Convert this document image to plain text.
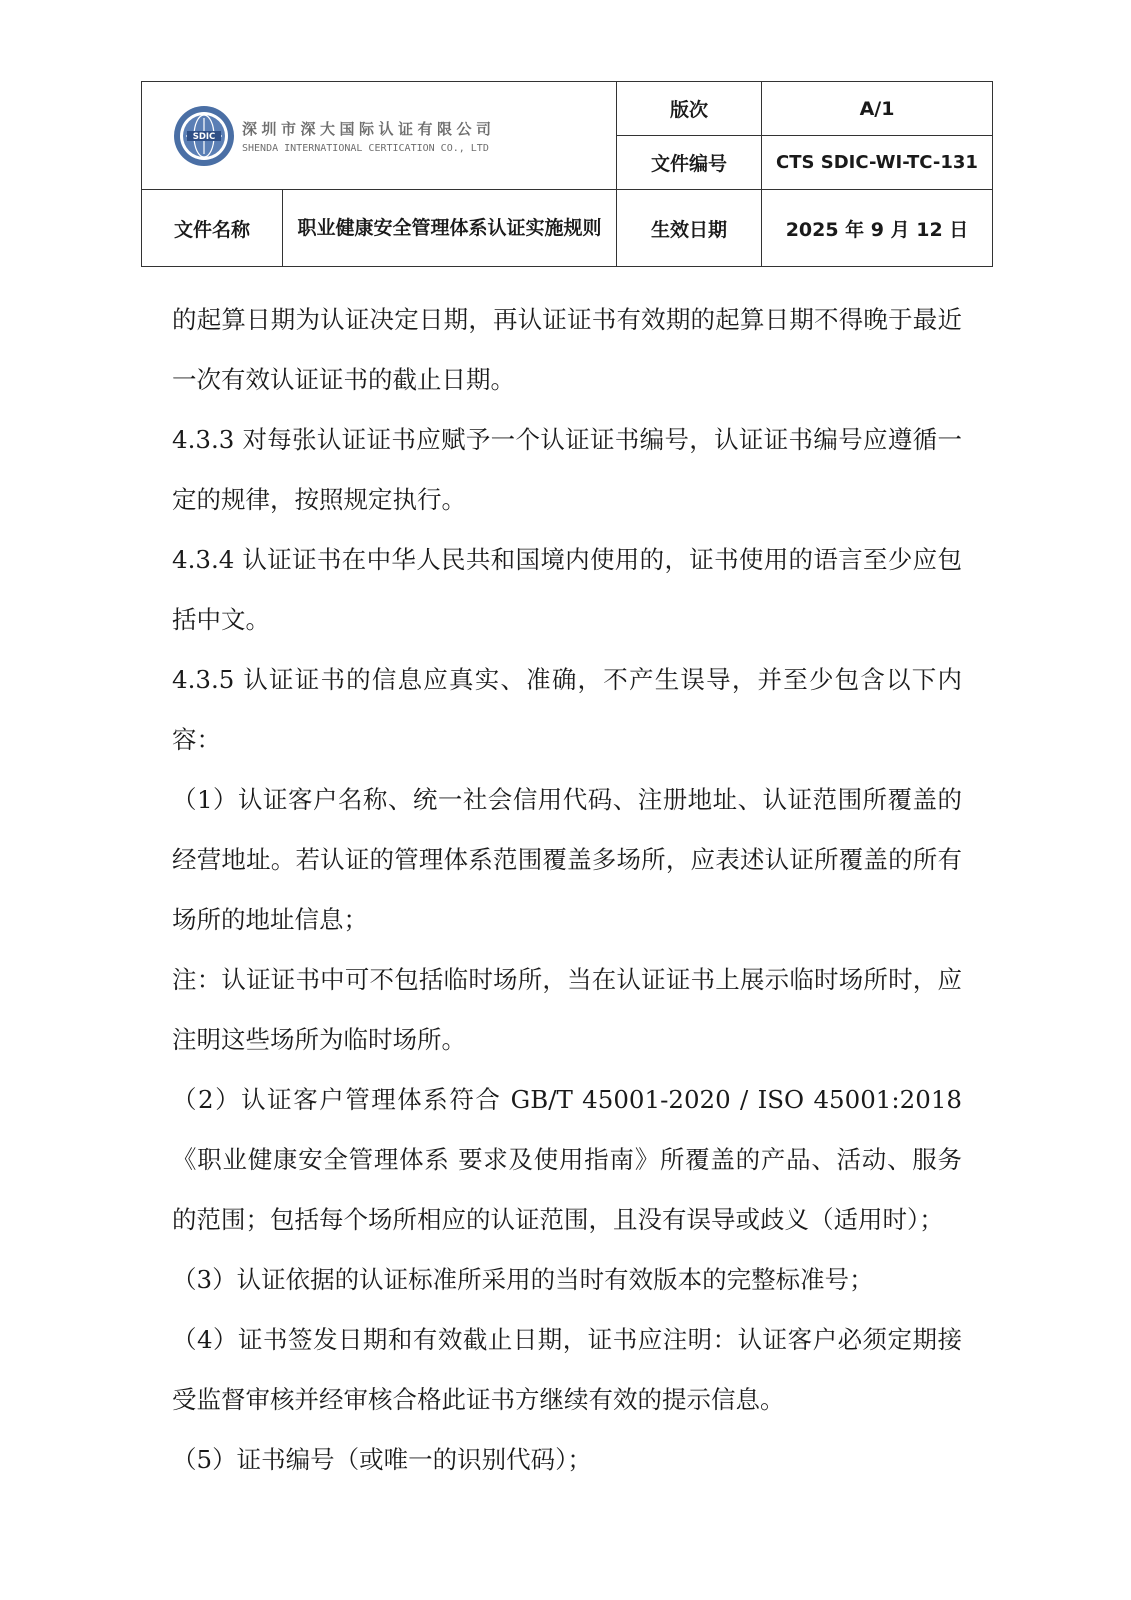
SDIC 深圳市深大国际认证有限公司
SHENDA INTERNATIONAL CERTICATION CO., LTD		版次	A/1
		文件编号	CTS SDIC-WI-TC-131
文件名称	职业健康安全管理体系认证实施规则	生效日期	2025 年 9 月 12 日

的起算日期为认证决定日期，再认证证书有效期的起算日期不得晚于最近一次有效认证证书的截止日期。

4.3.3 对每张认证证书应赋予一个认证证书编号，认证证书编号应遵循一定的规律，按照规定执行。

4.3.4 认证证书在中华人民共和国境内使用的，证书使用的语言至少应包括中文。

4.3.5 认证证书的信息应真实、准确，不产生误导，并至少包含以下内容：

（1）认证客户名称、统一社会信用代码、注册地址、认证范围所覆盖的经营地址。若认证的管理体系范围覆盖多场所，应表述认证所覆盖的所有场所的地址信息；

注：认证证书中可不包括临时场所，当在认证证书上展示临时场所时，应注明这些场所为临时场所。

（2）认证客户管理体系符合 GB/T 45001-2020 / ISO 45001:2018《职业健康安全管理体系 要求及使用指南》所覆盖的产品、活动、服务的范围；包括每个场所相应的认证范围，且没有误导或歧义（适用时）；

（3）认证依据的认证标准所采用的当时有效版本的完整标准号；

（4）证书签发日期和有效截止日期，证书应注明：认证客户必须定期接受监督审核并经审核合格此证书方继续有效的提示信息。

（5）证书编号（或唯一的识别代码）；
